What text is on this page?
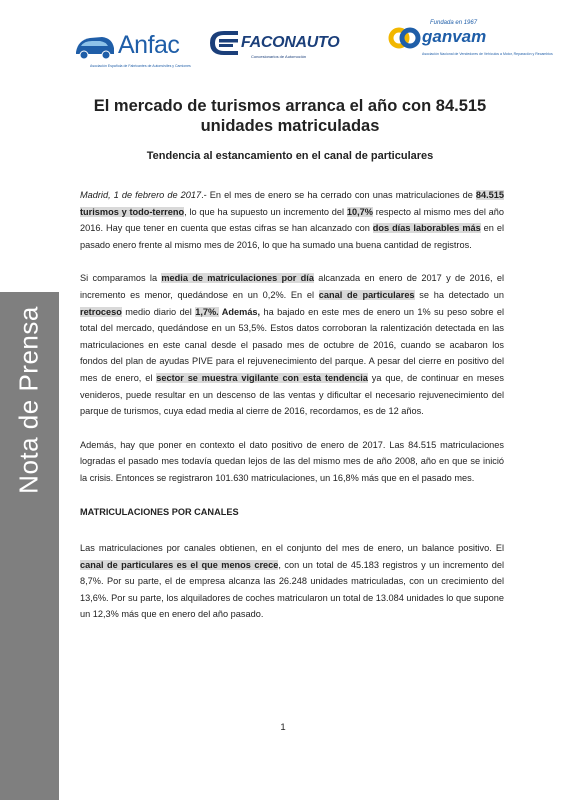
Anfac
Asociación Española de Fabricantes de Automóviles y Camiones
FACONAUTO
Concesionarios de Automoción
Fundada en 1967
ganvam
Asociación Nacional de Vendedores de Vehículos a Motor, Reparación y Recambios
Nota de Prensa
El mercado de turismos arranca el año con 84.515 unidades matriculadas
Tendencia al estancamiento en el canal de particulares

Madrid, 1 de febrero de 2017.- En el mes de enero se ha cerrado con unas matriculaciones de 84.515 turismos y todo-terreno, lo que ha supuesto un incremento del 10,7% respecto al mismo mes del año 2016. Hay que tener en cuenta que estas cifras se han alcanzado con dos días laborables más en el pasado enero frente al mismo mes de 2016, lo que ha sumado una buena cantidad de registros.

Si comparamos la media de matriculaciones por día alcanzada en enero de 2017 y de 2016, el incremento es menor, quedándose en un 0,2%. En el canal de particulares se ha detectado un retroceso medio diario del 1,7%. Además, ha bajado en este mes de enero un 1% su peso sobre el total del mercado, quedándose en un 53,5%. Estos datos corroboran la ralentización detectada en las matriculaciones en este canal desde el pasado mes de octubre de 2016, cuando se acabaron los fondos del plan de ayudas PIVE para el rejuvenecimiento del parque. A pesar del cierre en positivo del mes de enero, el sector se muestra vigilante con esta tendencia ya que, de continuar en meses venideros, puede resultar en un descenso de las ventas y dificultar el necesario rejuvenecimiento del parque de turismos, cuya edad media al cierre de 2016, recordamos, es de 12 años.

Además, hay que poner en contexto el dato positivo de enero de 2017. Las 84.515 matriculaciones logradas el pasado mes todavía quedan lejos de las del mismo mes de año 2008, año en que se inició la crisis. Entonces se registraron 101.630 matriculaciones, un 16,8% más que en el pasado mes.

MATRICULACIONES POR CANALES

Las matriculaciones por canales obtienen, en el conjunto del mes de enero, un balance positivo. El canal de particulares es el que menos crece, con un total de 45.183 registros y un incremento del 8,7%. Por su parte, el de empresa alcanza las 26.248 unidades matriculadas, con un crecimiento del 13,6%. Por su parte, los alquiladores de coches matricularon un total de 13.084 unidades lo que supone un 12,3% más que en enero del año pasado.

1
